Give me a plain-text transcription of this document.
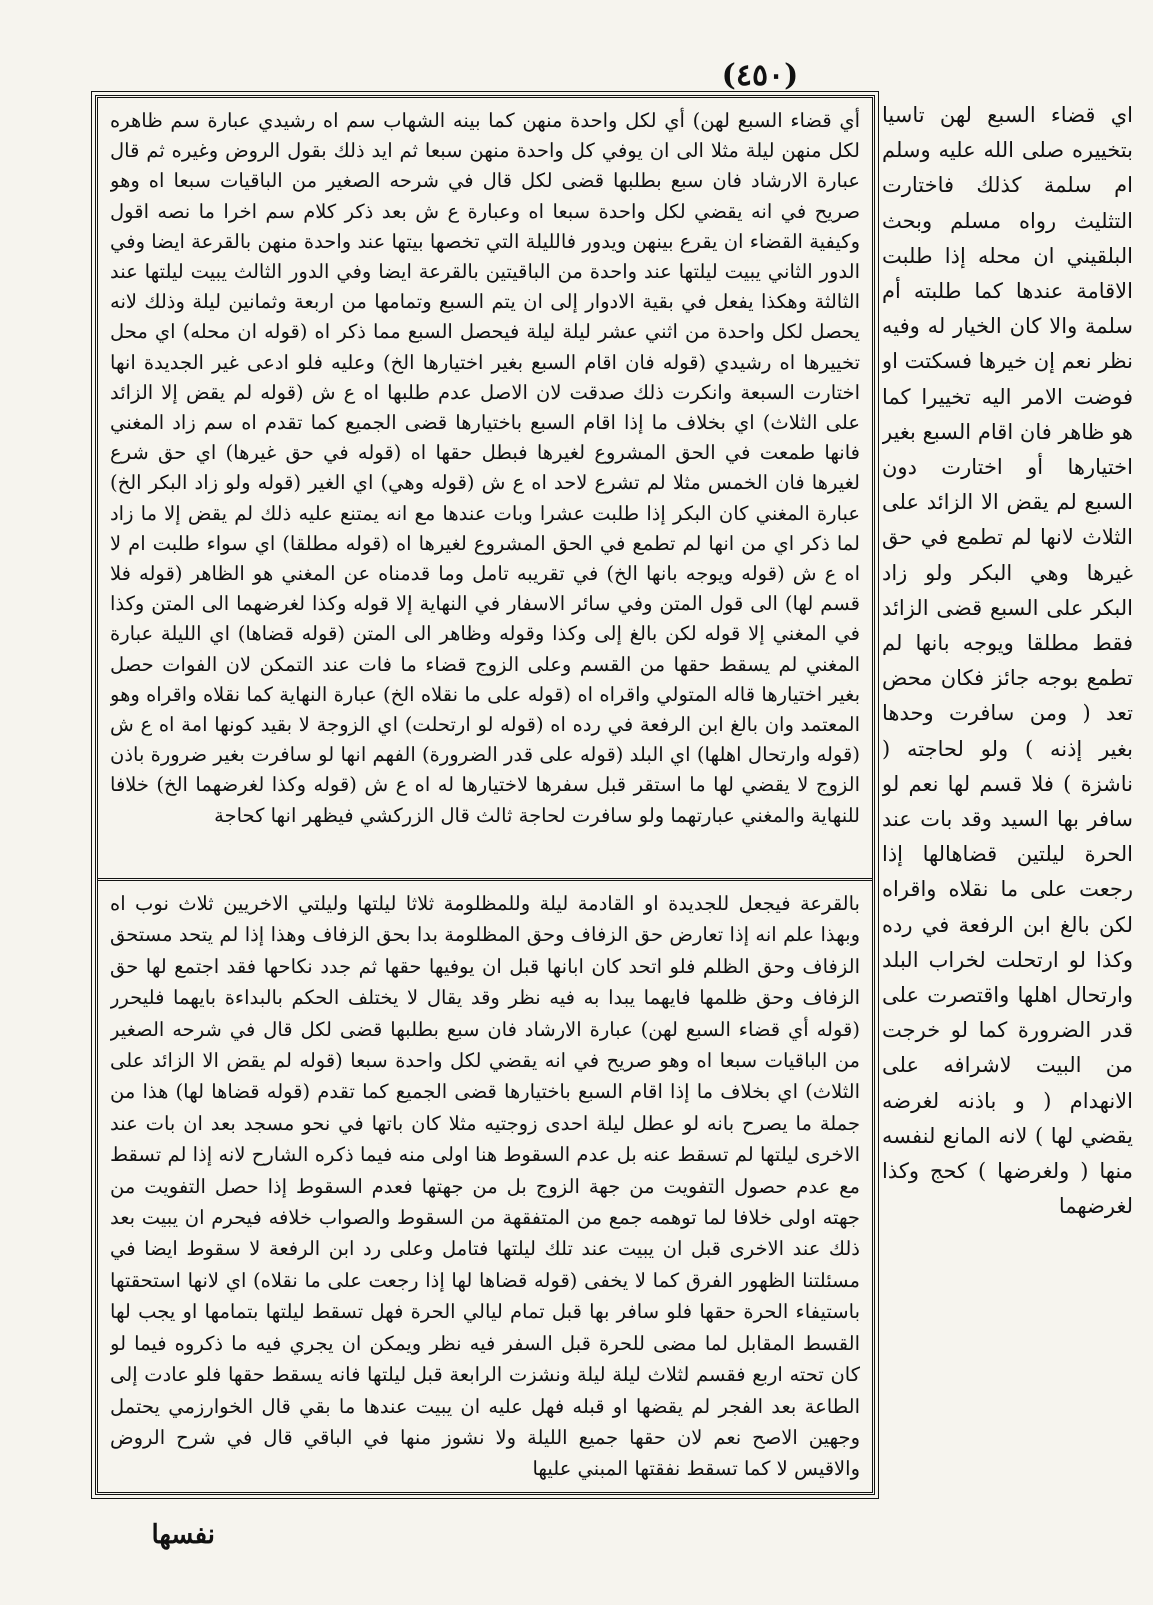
(٤٥٠)

اي قضاء السبع لهن تاسيا بتخييره صلى الله عليه وسلم ام سلمة كذلك فاختارت التثليث رواه مسلم وبحث البلقيني ان محله إذا طلبت الاقامة عندها كما طلبته أم سلمة والا كان الخيار له وفيه نظر نعم إن خيرها فسكتت او فوضت الامر اليه تخييرا كما هو ظاهر فان اقام السبع بغير اختيارها أو اختارت دون السبع لم يقض الا الزائد على الثلاث لانها لم تطمع في حق غيرها وهي البكر ولو زاد البكر على السبع قضى الزائد فقط مطلقا ويوجه بانها لم تطمع بوجه جائز فكان محض تعد ( ومن سافرت وحدها بغير إذنه ) ولو لحاجته ( ناشزة ) فلا قسم لها نعم لو سافر بها السيد وقد بات عند الحرة ليلتين قضاهالها إذا رجعت على ما نقلاه واقراه لكن بالغ ابن الرفعة في رده وكذا لو ارتحلت لخراب البلد وارتحال اهلها واقتصرت على قدر الضرورة كما لو خرجت من البيت لاشرافه على الانهدام ( و باذنه لغرضه يقضي لها ) لانه المانع لنفسه منها ( ولغرضها ) كحج وكذا لغرضهما

أي قضاء السبع لهن) أي لكل واحدة منهن كما بينه الشهاب سم اه رشيدي عبارة سم ظاهره لكل منهن ليلة مثلا الى ان يوفي كل واحدة منهن سبعا ثم ايد ذلك بقول الروض وغيره ثم قال عبارة الارشاد فان سبع بطلبها قضى لكل قال في شرحه الصغير من الباقيات سبعا اه وهو صريح في انه يقضي لكل واحدة سبعا اه وعبارة ع ش بعد ذكر كلام سم اخرا ما نصه اقول وكيفية القضاء ان يقرع بينهن ويدور فالليلة التي تخصها بيتها عند واحدة منهن بالقرعة ايضا وفي الدور الثاني يبيت ليلتها عند واحدة من الباقيتين بالقرعة ايضا وفي الدور الثالث يبيت ليلتها عند الثالثة وهكذا يفعل في بقية الادوار إلى ان يتم السبع وتمامها من اربعة وثمانين ليلة وذلك لانه يحصل لكل واحدة من اثني عشر ليلة ليلة فيحصل السبع مما ذكر اه (قوله ان محله) اي محل تخييرها اه رشيدي (قوله فان اقام السبع بغير اختيارها الخ) وعليه فلو ادعى غير الجديدة انها اختارت السبعة وانكرت ذلك صدقت لان الاصل عدم طلبها اه ع ش (قوله لم يقض إلا الزائد على الثلاث) اي بخلاف ما إذا اقام السبع باختيارها قضى الجميع كما تقدم اه سم زاد المغني فانها طمعت في الحق المشروع لغيرها فبطل حقها اه (قوله في حق غيرها) اي حق شرع لغيرها فان الخمس مثلا لم تشرع لاحد اه ع ش (قوله وهي) اي الغير (قوله ولو زاد البكر الخ) عبارة المغني كان البكر إذا طلبت عشرا وبات عندها مع انه يمتنع عليه ذلك لم يقض إلا ما زاد لما ذكر اي من انها لم تطمع في الحق المشروع لغيرها اه (قوله مطلقا) اي سواء طلبت ام لا اه ع ش (قوله ويوجه بانها الخ) في تقريبه تامل وما قدمناه عن المغني هو الظاهر (قوله فلا قسم لها) الى قول المتن وفي سائر الاسفار في النهاية إلا قوله وكذا لغرضهما الى المتن وكذا في المغني إلا قوله لكن بالغ إلى وكذا وقوله وظاهر الى المتن (قوله قضاها) اي الليلة عبارة المغني لم يسقط حقها من القسم وعلى الزوج قضاء ما فات عند التمكن لان الفوات حصل بغير اختيارها قاله المتولي واقراه اه (قوله على ما نقلاه الخ) عبارة النهاية كما نقلاه واقراه وهو المعتمد وان بالغ ابن الرفعة في رده اه (قوله لو ارتحلت) اي الزوجة لا بقيد كونها امة اه ع ش (قوله وارتحال اهلها) اي البلد (قوله على قدر الضرورة) الفهم انها لو سافرت بغير ضرورة باذن الزوج لا يقضي لها ما استقر قبل سفرها لاختيارها له اه ع ش (قوله وكذا لغرضهما الخ) خلافا للنهاية والمغني عبارتهما ولو سافرت لحاجة ثالث قال الزركشي فيظهر انها كحاجة

بالقرعة فيجعل للجديدة او القادمة ليلة وللمظلومة ثلاثا ليلتها وليلتي الاخريين ثلاث نوب اه وبهذا علم انه إذا تعارض حق الزفاف وحق المظلومة بدا بحق الزفاف وهذا إذا لم يتحد مستحق الزفاف وحق الظلم فلو اتحد كان ابانها قبل ان يوفيها حقها ثم جدد نكاحها فقد اجتمع لها حق الزفاف وحق ظلمها فايهما يبدا به فيه نظر وقد يقال لا يختلف الحكم بالبداءة بايهما فليحرر (قوله أي قضاء السبع لهن) عبارة الارشاد فان سبع بطلبها قضى لكل قال في شرحه الصغير من الباقيات سبعا اه وهو صريح في انه يقضي لكل واحدة سبعا (قوله لم يقض الا الزائد على الثلاث) اي بخلاف ما إذا اقام السبع باختيارها قضى الجميع كما تقدم (قوله قضاها لها) هذا من جملة ما يصرح بانه لو عطل ليلة احدى زوجتيه مثلا كان باتها في نحو مسجد بعد ان بات عند الاخرى ليلتها لم تسقط عنه بل عدم السقوط هنا اولى منه فيما ذكره الشارح لانه إذا لم تسقط مع عدم حصول التفويت من جهة الزوج بل من جهتها فعدم السقوط إذا حصل التفويت من جهته اولى خلافا لما توهمه جمع من المتفقهة من السقوط والصواب خلافه فيحرم ان يبيت بعد ذلك عند الاخرى قبل ان يبيت عند تلك ليلتها فتامل وعلى رد ابن الرفعة لا سقوط ايضا في مسئلتنا الظهور الفرق كما لا يخفى (قوله قضاها لها إذا رجعت على ما نقلاه) اي لانها استحقتها باستيفاء الحرة حقها فلو سافر بها قبل تمام ليالي الحرة فهل تسقط ليلتها بتمامها او يجب لها القسط المقابل لما مضى للحرة قبل السفر فيه نظر ويمكن ان يجري فيه ما ذكروه فيما لو كان تحته اربع فقسم لثلاث ليلة ليلة ونشزت الرابعة قبل ليلتها فانه يسقط حقها فلو عادت إلى الطاعة بعد الفجر لم يقضها او قبله فهل عليه ان يبيت عندها ما بقي قال الخوارزمي يحتمل وجهين الاصح نعم لان حقها جميع الليلة ولا نشوز منها في الباقي قال في شرح الروض والاقيس لا كما تسقط نفقتها المبني عليها

نفسها
